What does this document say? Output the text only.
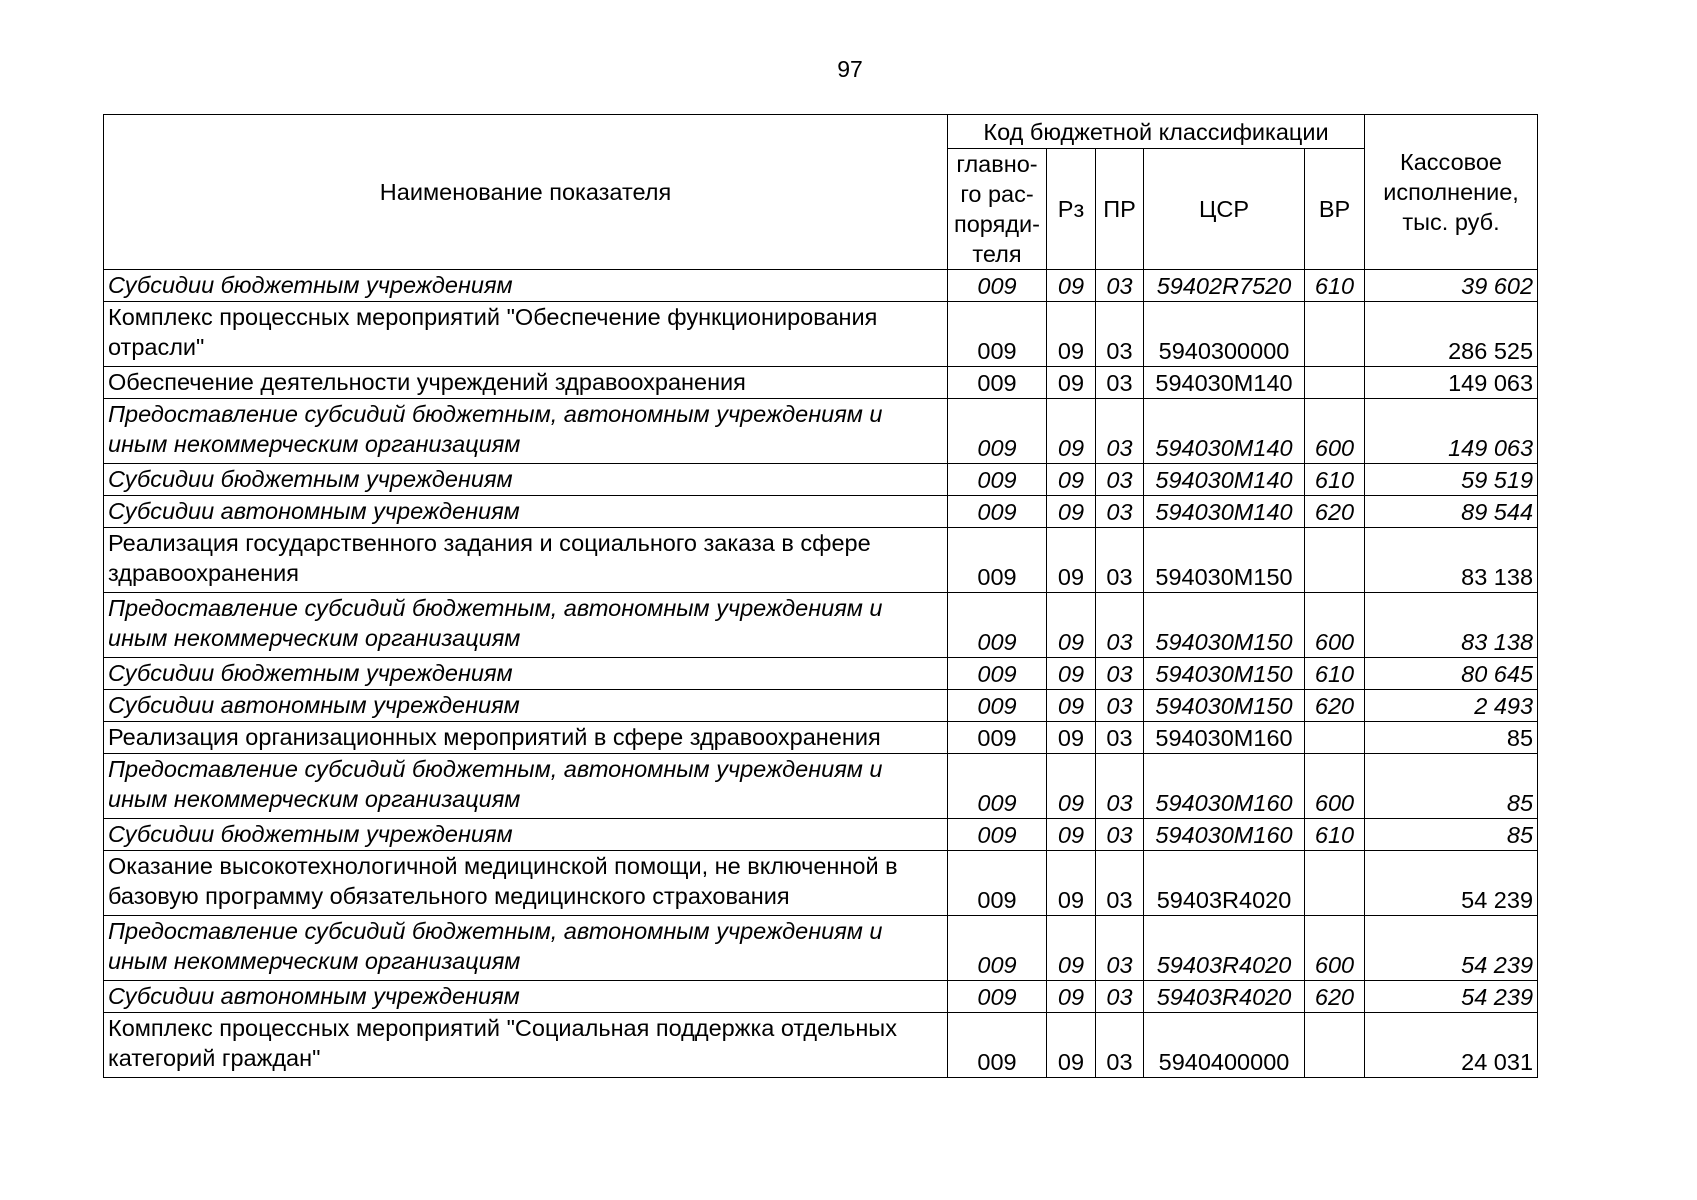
97
Наименование показателя	Код бюджетной классификации					Кассовое исполнение, тыс. руб.
	главно-
го рас-
поряди-
теля	Рз	ПР	ЦСР	ВР	
Субсидии бюджетным учреждениям	009	09	03	59402R7520	610	39 602
Комплекс процессных мероприятий "Обеспечение функционирования отрасли"	009	09	03	5940300000		286 525
Обеспечение деятельности учреждений здравоохранения	009	09	03	594030М140		149 063
Предоставление субсидий бюджетным, автономным учреждениям и иным некоммерческим организациям	009	09	03	594030М140	600	149 063
Субсидии бюджетным учреждениям	009	09	03	594030М140	610	59 519
Субсидии автономным учреждениям	009	09	03	594030М140	620	89 544
Реализация государственного задания и социального заказа в сфере здравоохранения	009	09	03	594030М150		83 138
Предоставление субсидий бюджетным, автономным учреждениям и иным некоммерческим организациям	009	09	03	594030М150	600	83 138
Субсидии бюджетным учреждениям	009	09	03	594030М150	610	80 645
Субсидии автономным учреждениям	009	09	03	594030М150	620	2 493
Реализация организационных мероприятий в сфере здравоохранения	009	09	03	594030М160		85
Предоставление субсидий бюджетным, автономным учреждениям и иным некоммерческим организациям	009	09	03	594030М160	600	85
Субсидии бюджетным учреждениям	009	09	03	594030М160	610	85
Оказание высокотехнологичной медицинской помощи, не включенной в базовую программу обязательного медицинского страхования	009	09	03	59403R4020		54 239
Предоставление субсидий бюджетным, автономным учреждениям и иным некоммерческим организациям	009	09	03	59403R4020	600	54 239
Субсидии автономным учреждениям	009	09	03	59403R4020	620	54 239
Комплекс процессных мероприятий "Социальная поддержка отдельных категорий граждан"	009	09	03	5940400000		24 031
